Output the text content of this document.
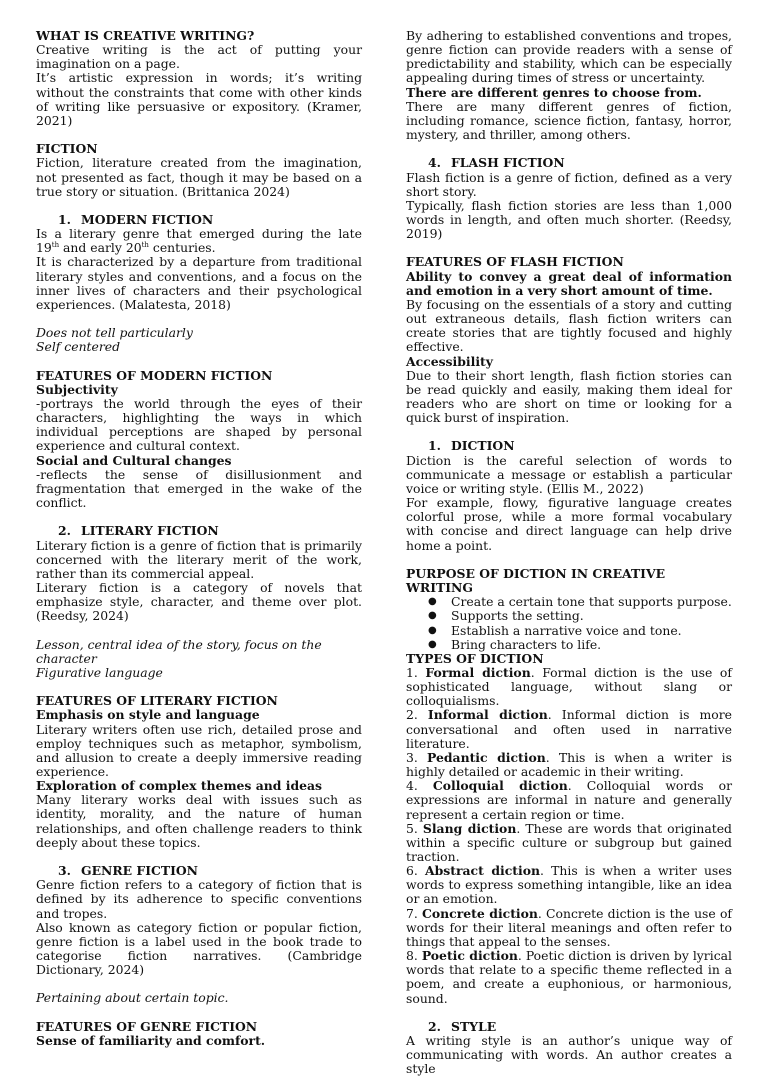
WHAT IS CREATIVE WRITING?

Creative writing is the act of putting your imagination on a page.

It’s artistic expression in words; it’s writing without the constraints that come with other kinds of writing like persuasive or expository. (Kramer, 2021)

FICTION

Fiction, literature created from the imagination, not presented as fact, though it may be based on a true story or situation. (Brittanica 2024)

1. MODERN FICTION

Is a literary genre that emerged during the late 19th and early 20th centuries.

It is characterized by a departure from traditional literary styles and conventions, and a focus on the inner lives of characters and their psychological experiences. (Malatesta, 2018)

Does not tell particularly

Self centered

FEATURES OF MODERN FICTION

Subjectivity

-portrays the world through the eyes of their characters, highlighting the ways in which individual perceptions are shaped by personal experience and cultural context.

Social and Cultural changes

-reflects the sense of disillusionment and fragmentation that emerged in the wake of the conflict.

2. LITERARY FICTION

Literary fiction is a genre of fiction that is primarily concerned with the literary merit of the work, rather than its commercial appeal.

Literary fiction is a category of novels that emphasize style, character, and theme over plot. (Reedsy, 2024)

Lesson, central idea of the story, focus on the character

Figurative language

FEATURES OF LITERARY FICTION

Emphasis on style and language

Literary writers often use rich, detailed prose and employ techniques such as metaphor, symbolism, and allusion to create a deeply immersive reading experience.

Exploration of complex themes and ideas

Many literary works deal with issues such as identity, morality, and the nature of human relationships, and often challenge readers to think deeply about these topics.

3. GENRE FICTION

Genre fiction refers to a category of fiction that is defined by its adherence to specific conventions and tropes.

Also known as category fiction or popular fiction, genre fiction is a label used in the book trade to categorise fiction narratives. (Cambridge Dictionary, 2024)

Pertaining about certain topic.

FEATURES OF GENRE FICTION

Sense of familiarity and comfort.

By adhering to established conventions and tropes, genre fiction can provide readers with a sense of predictability and stability, which can be especially appealing during times of stress or uncertainty.

There are different genres to choose from.

There are many different genres of fiction, including romance, science fiction, fantasy, horror, mystery, and thriller, among others.

4. FLASH FICTION

Flash fiction is a genre of fiction, defined as a very short story.

Typically, flash fiction stories are less than 1,000 words in length, and often much shorter. (Reedsy, 2019)

FEATURES OF FLASH FICTION

Ability to convey a great deal of information and emotion in a very short amount of time.

By focusing on the essentials of a story and cutting out extraneous details, flash fiction writers can create stories that are tightly focused and highly effective.

Accessibility

Due to their short length, flash fiction stories can be read quickly and easily, making them ideal for readers who are short on time or looking for a quick burst of inspiration.

1. DICTION

Diction is the careful selection of words to communicate a message or establish a particular voice or writing style. (Ellis M., 2022)

For example, flowy, figurative language creates colorful prose, while a more formal vocabulary with concise and direct language can help drive home a point.

PURPOSE OF DICTION IN CREATIVE WRITING

● Create a certain tone that supports purpose.

● Supports the setting.

● Establish a narrative voice and tone.

● Bring characters to life.

TYPES OF DICTION

1. Formal diction. Formal diction is the use of sophisticated language, without slang or colloquialisms.

2. Informal diction. Informal diction is more conversational and often used in narrative literature.

3. Pedantic diction. This is when a writer is highly detailed or academic in their writing.

4. Colloquial diction. Colloquial words or expressions are informal in nature and generally represent a certain region or time.

5. Slang diction. These are words that originated within a specific culture or subgroup but gained traction.

6. Abstract diction. This is when a writer uses words to express something intangible, like an idea or an emotion.

7. Concrete diction. Concrete diction is the use of words for their literal meanings and often refer to things that appeal to the senses.

8. Poetic diction. Poetic diction is driven by lyrical words that relate to a specific theme reflected in a poem, and create a euphonious, or harmonious, sound.

2. STYLE

A writing style is an author’s unique way of communicating with words. An author creates a style
